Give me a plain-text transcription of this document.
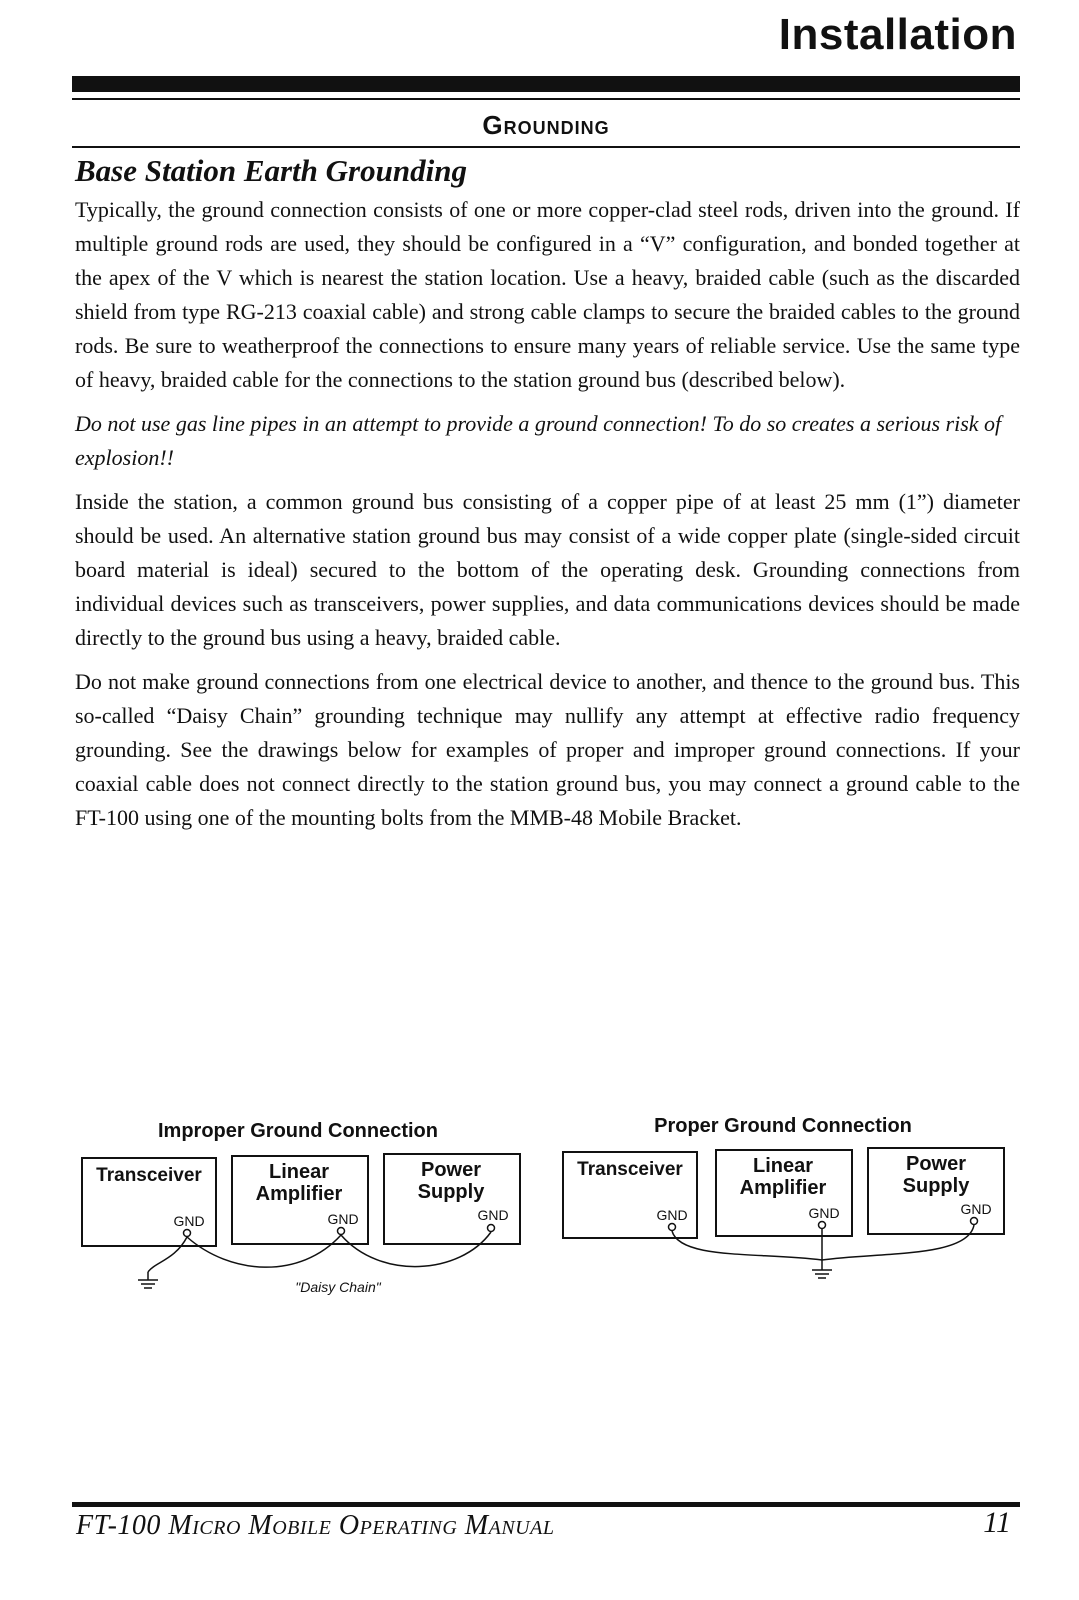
Installation
Grounding
Base Station Earth Grounding

Typically, the ground connection consists of one or more copper-clad steel rods, driven into the ground. If multiple ground rods are used, they should be configured in a “V” configuration, and bonded together at the apex of the V which is nearest the station location. Use a heavy, braided cable (such as the discarded shield from type RG-213 coaxial cable) and strong cable clamps to secure the braided cables to the ground rods. Be sure to weatherproof the connections to ensure many years of reliable service. Use the same type of heavy, braided cable for the connections to the station ground bus (described below).

Do not use gas line pipes in an attempt to provide a ground connection! To do so creates a serious risk of explosion!!

Inside the station, a common ground bus consisting of a copper pipe of at least 25 mm (1”) diameter should be used. An alternative station ground bus may consist of a wide copper plate (single-sided circuit board material is ideal) secured to the bottom of the operating desk. Grounding connections from individual devices such as transceivers, power supplies, and data communications devices should be made directly to the ground bus using a heavy, braided cable.

Do not make ground connections from one electrical device to another, and thence to the ground bus. This so-called “Daisy Chain” grounding technique may nullify any attempt at effective radio frequency grounding. See the drawings below for examples of proper and improper ground connections. If your coaxial cable does not connect directly to the station ground bus, you may connect a ground cable to the FT-100 using one of the mounting bolts from the MMB-48 Mobile Bracket.

Improper Ground Connection
Transceiver
GND
Linear
Amplifier
GND
Power
Supply
GND
"Daisy Chain"
Proper Ground Connection
Transceiver
GND
Linear
Amplifier
GND
Power
Supply
GND
FT-100 Micro Mobile Operating Manual	11
